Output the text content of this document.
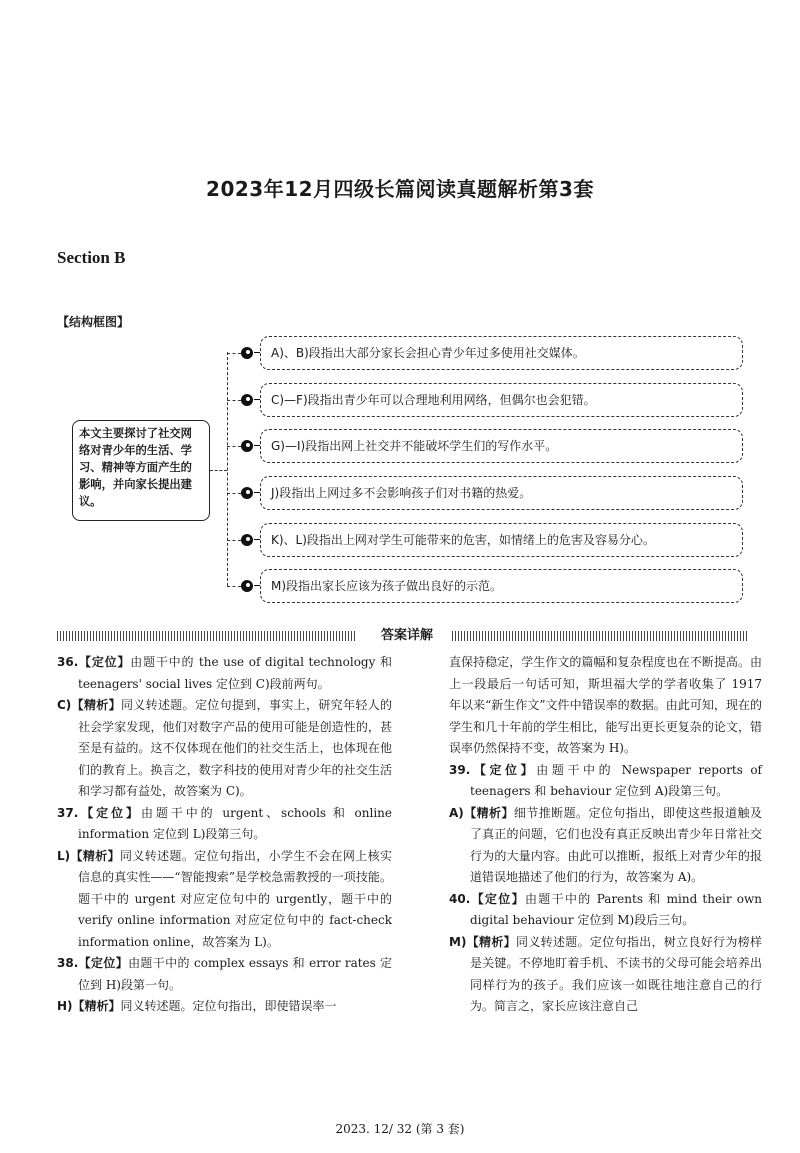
2023年12月四级长篇阅读真题解析第3套
Section B
【结构框图】
本文主要探讨了社交网络对青少年的生活、学习、精神等方面产生的影响，并向家长提出建议。
A)、B)段指出大部分家长会担心青少年过多使用社交媒体。
C)—F)段指出青少年可以合理地利用网络，但偶尔也会犯错。
G)—I)段指出网上社交并不能破坏学生们的写作水平。
J)段指出上网过多不会影响孩子们对书籍的热爱。
K)、L)段指出上网对学生可能带来的危害，如情绪上的危害及容易分心。
M)段指出家长应该为孩子做出良好的示范。
答案详解

36.【定位】由题干中的 the use of digital technology 和 teenagers' social lives 定位到 C)段前两句。

C)【精析】同义转述题。定位句提到，事实上，研究年轻人的社会学家发现，他们对数字产品的使用可能是创造性的，甚至是有益的。这不仅体现在他们的社交生活上，也体现在他们的教育上。换言之，数字科技的使用对青少年的社交生活和学习都有益处，故答案为 C)。

37.【定位】由题干中的 urgent、schools 和 online information 定位到 L)段第三句。

L)【精析】同义转述题。定位句指出，小学生不会在网上核实信息的真实性——“智能搜索”是学校急需教授的一项技能。题干中的 urgent 对应定位句中的 urgently，题干中的 verify online information 对应定位句中的 fact-check information online，故答案为 L)。

38.【定位】由题干中的 complex essays 和 error rates 定位到 H)段第一句。

H)【精析】同义转述题。定位句指出，即使错误率一

直保持稳定，学生作文的篇幅和复杂程度也在不断提高。由上一段最后一句话可知，斯坦福大学的学者收集了 1917 年以来“新生作文”文件中错误率的数据。由此可知，现在的学生和几十年前的学生相比，能写出更长更复杂的论文，错误率仍然保持不变，故答案为 H)。

39.【定位】由题干中的 Newspaper reports of teenagers 和 behaviour 定位到 A)段第三句。

A)【精析】细节推断题。定位句指出，即使这些报道触及了真正的问题，它们也没有真正反映出青少年日常社交行为的大量内容。由此可以推断，报纸上对青少年的报道错误地描述了他们的行为，故答案为 A)。

40.【定位】由题干中的 Parents 和 mind their own digital behaviour 定位到 M)段后三句。

M)【精析】同义转述题。定位句指出，树立良好行为榜样是关键。不停地盯着手机、不读书的父母可能会培养出同样行为的孩子。我们应该一如既往地注意自己的行为。简言之，家长应该注意自己

2023. 12/ 32 (第 3 套)
